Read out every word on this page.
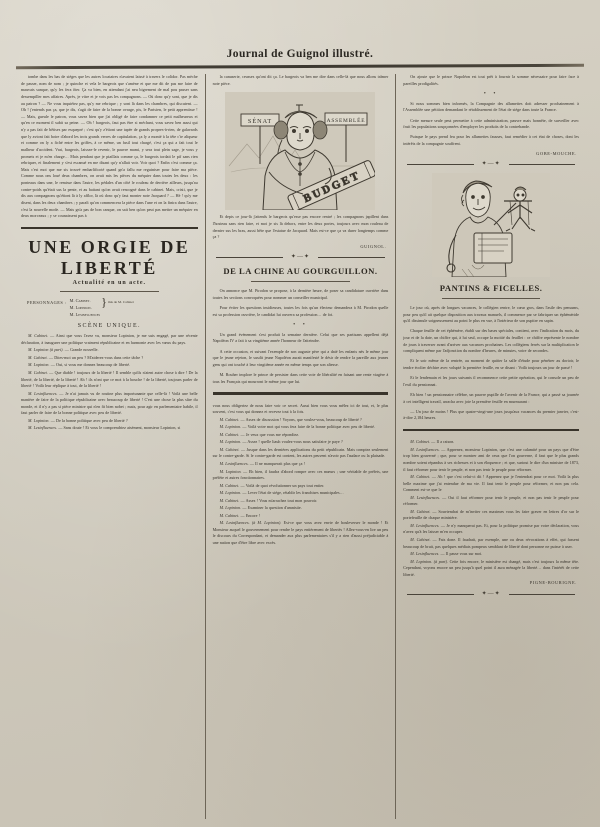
Journal de Guignol illustré.

tombe dans les bas de siéges que les autres locataires n'avaient laissé à travers le colidor. Pas mèche de passer, nom de nom ; je quinche et vela le bargeois que s'amène et que me dit de pas me faire de mauvais sanque, qu'y les fera ôter. Ça va bien, en attendant j'ai neu bigrement de mal pou passer sans dessempiller mes affaires. Après, je vitre et je vois pas les compagnons. — Où donc qu'y sont, que je dis au patron ? — Ne vous inquiétez pas, qu'y me rebrique ; y sont là dans les chambres, qui discutent. — Oh ! j'entends pas ça, que je dis, s'agit de faire de la bonne ovrage, pis, le Parisien, le petit apprentisse ! — Mais, gueule le patron, vous savez bien que j'ai obligé de faire condamner ce petit malheureux et qu'en ce moment il subit sa peine. — Oh ! bargeois, faut pas être si méchant, vous savez ben aussi qui n'y a pas fait de bêtises par esquepré ; c'est qu'y z'étiont une tapée de grands propres-à-rien, de galavards que ly aviont fait boire d'abord les trois grands verres de capitulation, ça ly a monté à la tête c'te aliqueur et comme on ly a fiché entre les griffes, à ce même, un fusil tout chargé, c'est ça qui a fait tout le malheur d'accident. Vrai, bargeois, laissez-le revenir, le pauvre mami, y sera tout plein sage, je vous y promets et je m'en charge… Mais pendant que je piaillais comme ça, le bargeois tordait le pif sans rien rebriquer, et finalement y s'est escanué en me disant qu'y n'allait voir. Voir quoi ? Enfin c'est comme ça. Mais c'est moi que me sis trouvé embarlificoté quand gn'a fallu me reguiniser pour faire ma pièce. Comme nous ons loué deux chambres, on avait mis les pièces du méquier dans toutes les deux : les ponteaux dans une, le remisse dans l'autre, les pédales d'un côté le rouleau de derrière ailleurs, jusqu'au contre-poids qu'était sus la pente, et au battant qu'on avait rencogné dans le cabinet. Mais, cristi, que je dis aux compagnons qu'étiont là à ly afflor, là où donc qu'y faut monter note Jacquard ? — Hè ! qu'y me disent, dans les deux chambres ; y paraît qu'on commencera la pièce dans l'une et on la finira dans l'autre, c'est la nouvelle mode. — Mais gn'a pas de bon canque, on sait ben qu'on peut pas mettre un méquier en deux morceaux ; y se counaissent pas à

UNE ORGIE DE LIBERTÉ
Actualité en un acte.
PERSONNAGES : M. Cabinet.
M. Lopinion.
M. Lesinfluences
}mis de M. Cabinet
SCÈNE UNIQUE.

M. Cabinet. — Ainsi que vous l'avez vu, monsieur Lopinion, je me suis engagé, par une récente déclaration, à inaugurer une politique vraiment républicaine et en harmonie avec les vœux du pays.

M. Lopinion (à part). — Grande nouvelle.

M. Cabinet. — Dites-moi un peu ? M'aiderez-vous dans cette tâche ?

M. Lopinion. — Oui, si vous me donnez beaucoup de liberté.

M. Cabinet. — Que diable ! toujours de la liberté ! Il semble qu'ils n'aient autre chose à dire ! De la liberté, de la liberté, de la liberté ! Ah ! ils n'ont que ce mot à la bouche ! de la liberté, toujours parler de liberté ! Voilà leur réplique à tout, de la liberté !

M. Lesinfluences. — Je n'ai jamais vu de routine plus importunante que celle-là ! Voilà une belle manière de faire de la politique républicaine avec beaucoup de liberté ! C'est une chose la plus sûre du monde, et il n'y a pas si pièce ministre qui n'en fit bien nobet ; mais, pour agir en parlementaire habile, il faut parler de faire de la bonne politique avec peu de liberté.

M. Lopinion. — De la bonne politique avec peu de liberté ?

M. Lesinfluences. — Sans doute ! Et vous le comprendriez aisément, monsieur Lopinion, si

la canuserie, ceusses qu'ont dit ça. Le bargeois va ben me dire dans celle-là que nous allons trâmer note pièce.

BUDGET
SÉNAT	ASSEMBLÉE

Et depis ce jour-là j'attends le bargeois qu'esse pas encore rentré ; les compagnons japillent dans l'hosteau sans rien faire, et moi je sis là dehors, entre les deux portes, toujours avec mon rouleau de dernier sus les bras, aussi bête que l'estatue de Jacquard. Mais est-ce que ça va durer longtemps comme ça ?

GUIGNOL.
✦—✦
DE LA CHINE AU GOURGUILLON.

On annonce que M. Pirodon se propose, à la dernière heure, de poser sa candidature ouvrière dans toutes les sections convoquées pour nommer un conseiller municipal.

Pour éviter les questions insidieuses, toutes les fois qu'un électeur demandera à M. Pirodon quelle est sa profession ouvrière, le candidat lui ouvrera sa profession… de foi.

• •

Un grand événement s'est produit la semaine dernière. Celui que ses partisans appellent déjà Napoléon IV a fait à sa vingtième année l'honneur de l'atteindre.

A cette occasion, et suivant l'exemple de son auguste père qui a daté les enfants nés le même jour que le jeune rejeton, le susdit jeune Napoléon aurait manifesté le désir de rendre la pareille aux jeunes gens qui ont touché à leur vingtième année en même temps que son altesse.

M. Rouher implore le prince de persister dans cette voie de libéralité en faisant une rente viagère à tous les Français qui mourront le même jour que lui.

vous nous obligeriez de nous faire voir ce secret. Aussi bien vous vous mêlez ici de tout, et, le plus souvent, c'est vous qui donnez et recevez tout à la fois.

M. Cabinet. — Assez de discussion ! Voyons, que voulez-vous, beaucoup de liberté ?

M. Lopinion. — Voilà votre mot qui vous fera faire de la bonne politique avec peu de liberté.

M. Cabinet. — Je veux que vous me répondiez.

M. Lopinion. — Assez ! quelle liauh voulez-vous nous satisfaire je paye ?

M. Cabinet. — Jusque dans les dernières applications du petit républicain. Mais comptez seulement sur le contre-garde. Si le contre-garde est content, les autres peuvent n'avoir pas l'audace ou la plaisade.

M. Lesinfluences. — Il ne manquerait plus que ça !

M. Lopinion. — Eh bien, il faudra d'abord rompre avec ces mœurs ; une véritable de préfets, une préfète et autres fonctionnaires.

M. Cabinet. — Voilà de quoi révolutionner un pays tout entier.

M. Lopinion. — Lever l'état de siége, rétablir les franchises municipales…

M. Cabinet. — Assez ! Vous m'arrachez tout mon pouvoir.

M. Lopinion. — Examiner la question d'amnistie.

M. Cabinet. — Encore !

M. Lesinfluences. (à M. Lopinion). Est-ce que vous avez envie de bouleverser le monde ! Et Monsieur auquel le gouvernement pour rendre le pays entièrement de libertés ! Allez-vous-en lire un peu le discours du Correspondant, et demander aux plus parlementaires s'il y a rien d'aussi préjudiciable à une nation que d'être libre avec excès.

On ajoute que le prince Napoléon est tout prêt à fournir la somme nécessaire pour faire face à pareilles prodigalités.

• •

Si nous sommes bien informés, la Compagnie des allumettes doit adresser prochainement à l'Assemblée une pétition demandant le rétablissement de l'état de siége dans toute la France.

Cette mesure seule peut permettre à cette administration, pauvre mais honnête, de surveiller avec fruit les populations soupçonnées d'employer les produits de la contrebande.

Puisque le pays prend feu pour les allumettes fausses, faut remédier à cet état de choses, dont les intérêts de la compagnie souffrent.

GOBE-MOUCHE.
✦—✦
PANTINS & FICELLES.

Le jour où, après de longues vacances, le collégien rentre, le cœur gros, dans l'asile des pensums, pour peu qu'il ait quelque disposition aux travaux manuels, il commence par se fabriquer un éphéméride qu'il dissimule soigneusement au point le plus en vue, à l'intérieur de son pupitre en sapin.

Chaque feuille de cet éphémère, établi sur des bases spéciales, contient, avec l'indication du mois, du jour et de la date, un chiffre qui, à lui seul, occupe la moitié du feuillet : ce chiffre représente le nombre de jours à traverser avant d'arriver aux vacances prochaines. Les collégiens ferrés sur la multiplication le compliquent même par l'adjonction du nombre d'heures, de minutes, voire de secondes.

Et le soir même de la rentrée, au moment de quitter la salle d'étude pour pénétrer au dortoir, le tendre écolier déchire avec volupté la première feuille, en se disant : Voilà toujours un jour de passé !

Et le lendemain et les jours suivants il recommence cette petite opération, qui le console un peu de l'exil du pensionnat.

Eh bien ! un pensionnaire célèbre, un pauvre pupille de l'avenir de la France, qui a passé sa journée à cet intelligent travail, arracha avec joie la première feuille en murmurant :

— Un jour de moins ! Plus que quatre-vingt-une jours jusqu'aux vacances du premier janvier, c'est-à-dire 2,184 heures.

M. Cabinet. — Il a raison.

M. Lesinfluences. — Apprenez, monsieur Lopinion, que c'est une calamité pour un pays que d'être trop bien gouverné ; que, pour se montrer ami de ceux que l'on gouverne, il faut que le plus grands nombre soient répandus à ses richesses et à son éloquence ; et que, surtout le dire d'un ministre de 1873, il faut réformer pour tenir le peuple, et non pas tenir le peuple pour réformer.

M. Cabinet. — Ah ! que c'est celui-ci dit ! Apprenez que je l'entendrai pour ce mot. Voilà la plus belle maxime que j'ai entendue de ma vie. Il faut tenir le peuple pour réformer, et non pas cela. Comment est-ce que le

M. Lesinfluences. — Oui il faut réformer pour tenir le peuple, et non pas tenir le peuple pour réformer.

M. Cabinet. — Souviendrai de m'inviter ces maximes vous les faire graver en lettres d'or sur le portefeuille de chaque ministère.

M. Lesinfluences. — Je n'y manquerai pas. Et, pour la politique promise par votre déclaration, vous n'avez qu'à les laisser m'en occuper.

M. Cabinet. — Fais done. Il faudrait, par exemple, une ou deux révocations à effet, qui fassent beaucoup de bruit, pas quelques médiats pompeux semblant de liberté dont personne ne puisse à user.

M. Lesinfluences. — Il passe vous sur moi.

M. Lopinion. (à part). Cette fois encore, le ministère est changé, mais c'est toujours la même tête. Cependant, voyons encore un peu jusqu'à quel point il aura ménagée la liberté… dans l'intérêt de cette liberté.

PIGNE-BOURIGNE.
✦—✦
